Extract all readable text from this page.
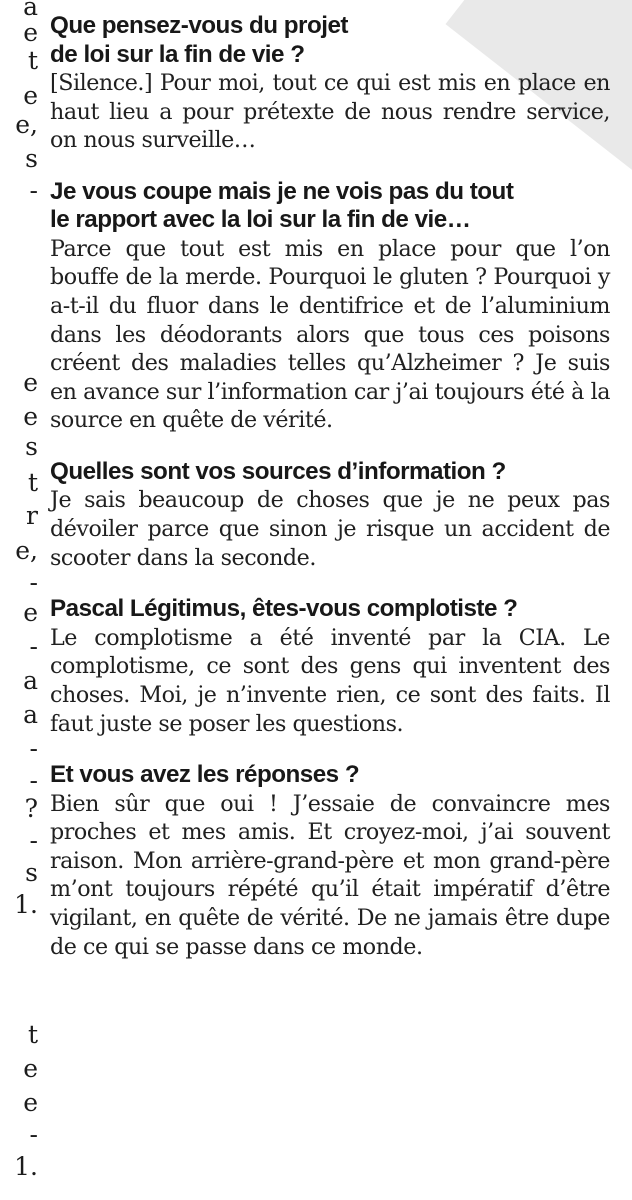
a
e
t
e
e,
s
-
e
e
s
t
r
e,
-
e
-
a
a
-
-
?
-
s
1.
t
e
e
-
1.

Que pensez-vous du projet
de loi sur la fin de vie ?

[Silence.] Pour moi, tout ce qui est mis en place en haut lieu a pour prétexte de nous rendre service, on nous surveille…

Je vous coupe mais je ne vois pas du tout
le rapport avec la loi sur la fin de vie…

Parce que tout est mis en place pour que l’on bouffe de la merde. Pourquoi le gluten ? Pourquoi y a-t-il du fluor dans le dentifrice et de l’aluminium dans les déodorants alors que tous ces poisons créent des maladies telles qu’Alzheimer ? Je suis en avance sur l’information car j’ai toujours été à la source en quête de vérité.

Quelles sont vos sources d’information ?

Je sais beaucoup de choses que je ne peux pas dévoiler parce que sinon je risque un accident de scooter dans la seconde.

Pascal Légitimus, êtes-vous complotiste ?

Le complotisme a été inventé par la CIA. Le complotisme, ce sont des gens qui inventent des choses. Moi, je n’invente rien, ce sont des faits. Il faut juste se poser les questions.

Et vous avez les réponses ?

Bien sûr que oui ! J’essaie de convaincre mes proches et mes amis. Et croyez-moi, j’ai souvent raison. Mon arrière-grand-père et mon grand-père m’ont toujours répété qu’il était impératif d’être vigilant, en quête de vérité. De ne jamais être dupe de ce qui se passe dans ce monde.
